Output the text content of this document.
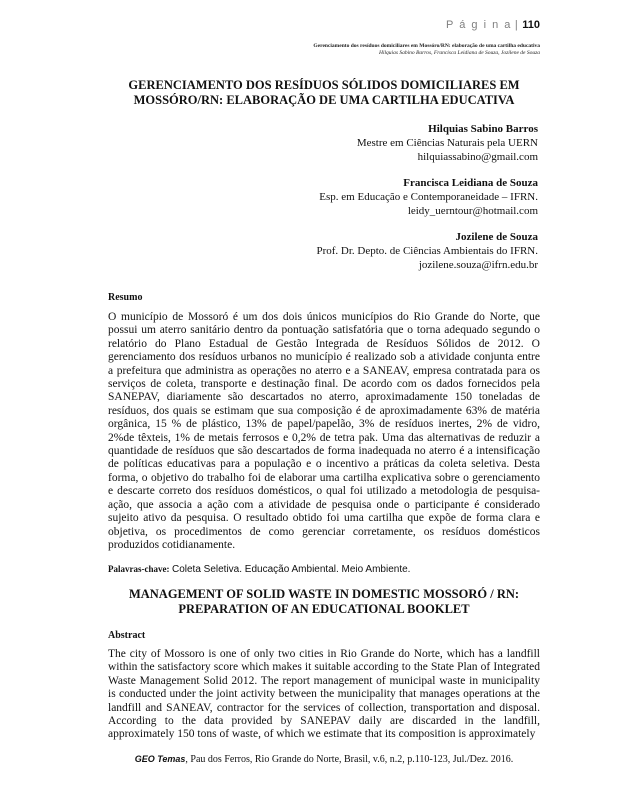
P á g i n a | 110
Gerenciamento dos resíduos domiciliares em Mossóro/RN: elaboração de uma cartilha educativa
Hilquias Sabino Barros, Francisca Leidiana de Souza, Jozilene de Souza
GERENCIAMENTO DOS RESÍDUOS SÓLIDOS DOMICILIARES EM
MOSSÓRO/RN: ELABORAÇÃO DE UMA CARTILHA EDUCATIVA
Hilquias Sabino Barros
Mestre em Ciências Naturais pela UERN
hilquiassabino@gmail.com
Francisca Leidiana de Souza
Esp. em Educação e Contemporaneidade – IFRN.
leidy_uerntour@hotmail.com
Jozilene de Souza
Prof. Dr. Depto. de Ciências Ambientais do IFRN.
jozilene.souza@ifrn.edu.br
Resumo
O município de Mossoró é um dos dois únicos municípios do Rio Grande do Norte, que possui um aterro sanitário dentro da pontuação satisfatória que o torna adequado segundo o relatório do Plano Estadual de Gestão Integrada de Resíduos Sólidos de 2012. O gerenciamento dos resíduos urbanos no município é realizado sob a atividade conjunta entre a prefeitura que administra as operações no aterro e a SANEAV, empresa contratada para os serviços de coleta, transporte e destinação final. De acordo com os dados fornecidos pela SANEPAV, diariamente são descartados no aterro, aproximadamente 150 toneladas de resíduos, dos quais se estimam que sua composição é de aproximadamente 63% de matéria orgânica, 15 % de plástico, 13% de papel/papelão, 3% de resíduos inertes, 2% de vidro, 2%de têxteis, 1% de metais ferrosos e 0,2% de tetra pak. Uma das alternativas de reduzir a quantidade de resíduos que são descartados de forma inadequada no aterro é a intensificação de políticas educativas para a população e o incentivo a práticas da coleta seletiva. Desta forma, o objetivo do trabalho foi de elaborar uma cartilha explicativa sobre o gerenciamento e descarte correto dos resíduos domésticos, o qual foi utilizado a metodologia de pesquisa-ação, que associa a ação com a atividade de pesquisa onde o participante é considerado sujeito ativo da pesquisa. O resultado obtido foi uma cartilha que expõe de forma clara e objetiva, os procedimentos de como gerenciar corretamente, os resíduos domésticos produzidos cotidianamente.
Palavras-chave: Coleta Seletiva. Educação Ambiental. Meio Ambiente.
MANAGEMENT OF SOLID WASTE IN DOMESTIC MOSSORÓ / RN:
PREPARATION OF AN EDUCATIONAL BOOKLET
Abstract
The city of Mossoro is one of only two cities in Rio Grande do Norte, which has a landfill within the satisfactory score which makes it suitable according to the State Plan of Integrated Waste Management Solid 2012. The report management of municipal waste in municipality is conducted under the joint activity between the municipality that manages operations at the landfill and SANEAV, contractor for the services of collection, transportation and disposal. According to the data provided by SANEPAV daily are discarded in the landfill, approximately 150 tons of waste, of which we estimate that its composition is approximately
GEO Temas, Pau dos Ferros, Rio Grande do Norte, Brasil, v.6, n.2, p.110-123, Jul./Dez. 2016.
